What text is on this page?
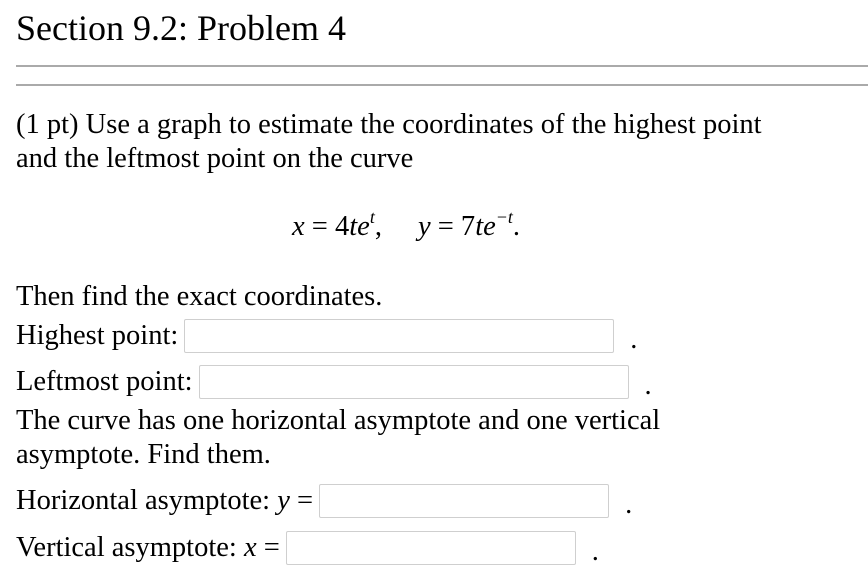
Section 9.2: Problem 4
(1 pt) Use a graph to estimate the coordinates of the highest point
and the leftmost point on the curve
$x = 4te^t$, $y = 7te^{-t}$.
Then find the exact coordinates.
Highest point:	.
Leftmost point:	.
The curve has one horizontal asymptote and one vertical
asymptote. Find them.
Horizontal asymptote: y =	.
Vertical asymptote: x =	.
